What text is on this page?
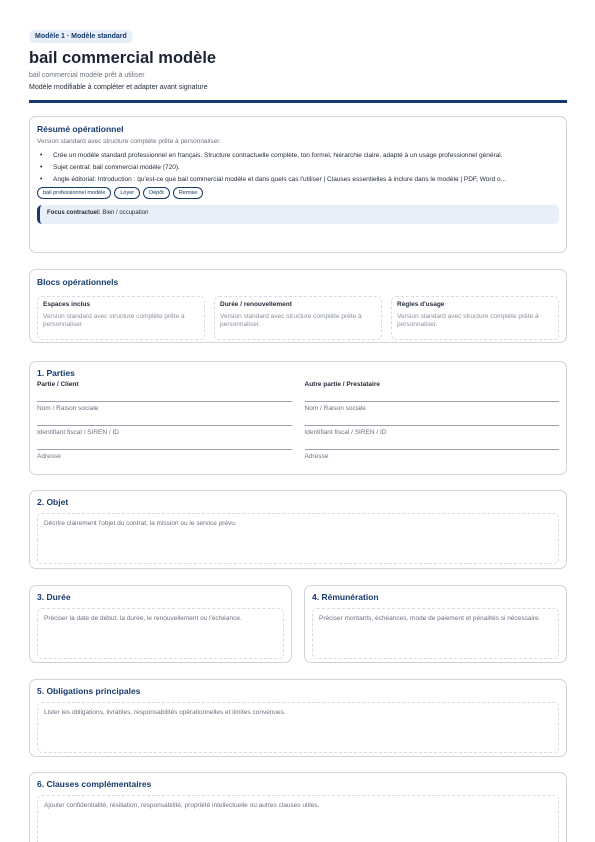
Modèle 1 · Modèle standard
bail commercial modèle
bail commercial modèle prêt à utiliser
Modèle modifiable à compléter et adapter avant signature
Résumé opérationnel
Version standard avec structure complète prête à personnaliser.
• Crée un modèle standard professionnel en français. Structure contractuelle complète, ton formel, hiérarchie claire, adapté à un usage professionnel général.
• Sujet central: bail commercial modèle (720).
• Angle éditorial: Introduction : qu'est-ce que bail commercial modèle et dans quels cas l'utiliser | Clauses essentielles à inclure dans le modèle | PDF, Word o...
bail professionnel modèle	Loyer	Dépôt	Remise
Focus contractuel: Bien / occupation
Blocs opérationnels
Espaces inclus
Version standard avec structure complète prête à personnaliser.
Durée / renouvellement
Version standard avec structure complète prête à personnaliser.
Règles d'usage
Version standard avec structure complète prête à personnaliser.
1. Parties
Partie / Client
Nom / Raison sociale
Identifiant fiscal / SIREN / ID
Adresse
Autre partie / Prestataire
Nom / Raison sociale
Identifiant fiscal / SIREN / ID
Adresse
2. Objet
Décrire clairement l'objet du contrat, la mission ou le service prévu.
3. Durée
Préciser la date de début, la durée, le renouvellement ou l'échéance.
4. Rémunération
Préciser montants, échéances, mode de paiement et pénalités si nécessaire.
5. Obligations principales
Lister les obligations, livrables, responsabilités opérationnelles et limites convenues.
6. Clauses complémentaires
Ajouter confidentialité, résiliation, responsabilité, propriété intellectuelle ou autres clauses utiles.
